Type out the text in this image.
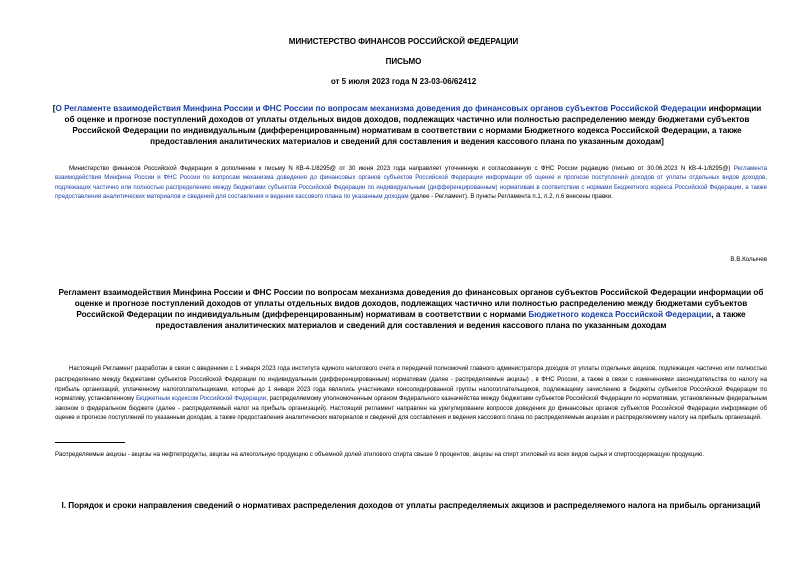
МИНИСТЕРСТВО ФИНАНСОВ РОССИЙСКОЙ ФЕДЕРАЦИИ
ПИСЬМО
от 5 июля 2023 года N 23-03-06/62412
[О Регламенте взаимодействия Минфина России и ФНС России по вопросам механизма доведения до финансовых органов субъектов Российской Федерации информации об оценке и прогнозе поступлений доходов от уплаты отдельных видов доходов, подлежащих частично или полностью распределению между бюджетами субъектов Российской Федерации по индивидуальным (дифференцированным) нормативам в соответствии с нормами Бюджетного кодекса Российской Федерации, а также предоставления аналитических материалов и сведений для составления и ведения кассового плана по указанным доходам]
Министерство финансов Российской Федерации в дополнение к письму N КВ-4-1/8295@ от 30 июня 2023 года направляет уточненную и согласованную с ФНС России редакцию (письмо от 30.06.2023 N КВ-4-1/8295@) Регламента взаимодействия Минфина России и ФНС России по вопросам механизма доведения до финансовых органов субъектов Российской Федерации информации об оценке и прогнозе поступлений доходов от уплаты отдельных видов доходов, подлежащих частично или полностью распределению между бюджетами субъектов Российской Федерации по индивидуальным (дифференцированным) нормативам в соответствии с нормами Бюджетного кодекса Российской Федерации, а также предоставления аналитических материалов и сведений для составления и ведения кассового плана по указанным доходам (далее - Регламент). В пункты Регламента п.1, п.2, п.6 внесены правки.
В.В.Колычев
Регламент взаимодействия Минфина России и ФНС России по вопросам механизма доведения до финансовых органов субъектов Российской Федерации информации об оценке и прогнозе поступлений доходов от уплаты отдельных видов доходов, подлежащих частично или полностью распределению между бюджетами субъектов Российской Федерации по индивидуальным (дифференцированным) нормативам в соответствии с нормами Бюджетного кодекса Российской Федерации, а также предоставления аналитических материалов и сведений для составления и ведения кассового плана по указанным доходам
Настоящий Регламент разработан в связи с введением с 1 января 2023 года института единого налогового счета и передачей полномочий главного администратора доходов от уплаты отдельных акцизов, подлежащих частично или полностью распределению между бюджетами субъектов Российской Федерации по индивидуальным (дифференцированным) нормативам (далее - распределяемые акцизы) , в ФНС России, а также в связи с изменениями законодательства по налогу на прибыль организаций, уплаченному налогоплательщиками, которые до 1 января 2023 года являлись участниками консолидированной группы налогоплательщиков, подлежащему зачислению в бюджеты субъектов Российской Федерации по нормативу, установленному Бюджетным кодексом Российской Федерации, распределяемому уполномоченным органом Федерального казначейства между бюджетами субъектов Российской Федерации по нормативам, установленным федеральным законом о федеральном бюджете (далее - распределяемый налог на прибыль организаций). Настоящий регламент направлен на урегулирование вопросов доведения до финансовых органов субъектов Российской Федерации информации об оценке и прогнозе поступлений по указанным доходам, а также предоставления аналитических материалов и сведений для составления и ведения кассового плана по распределяемым акцизам и распределяемому налогу на прибыль организаций.
Распределяемые акцизы - акцизы на нефтепродукты, акцизы на алкогольную продукцию с объемной долей этилового спирта свыше 9 процентов, акцизы на спирт этиловый из всех видов сырья и спиртосодержащую продукцию.
I. Порядок и сроки направления сведений о нормативах распределения доходов от уплаты распределяемых акцизов и распределяемого налога на прибыль организаций
